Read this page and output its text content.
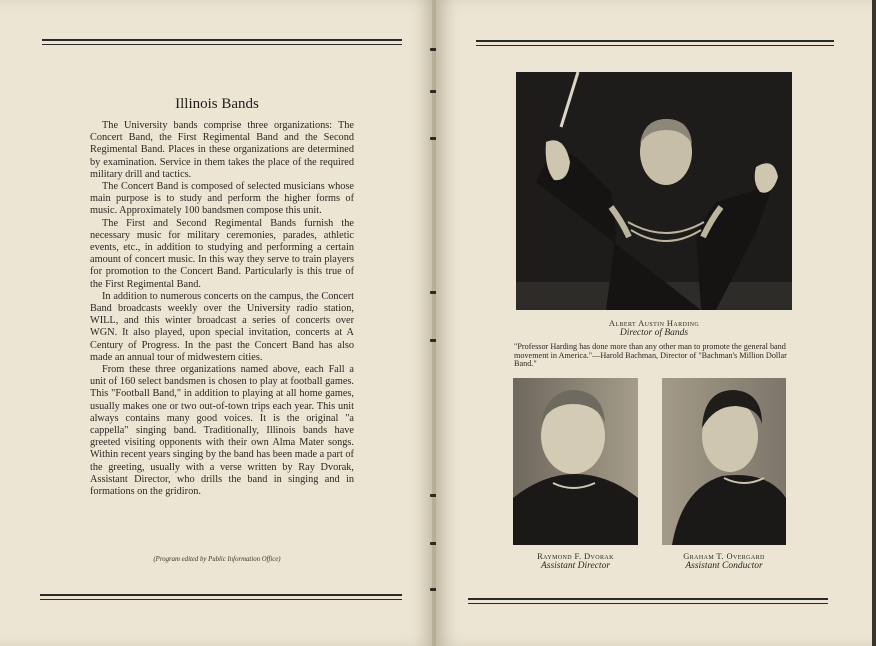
Illinois Bands

The University bands comprise three organizations: The Concert Band, the First Regimental Band and the Second Regimental Band. Places in these organizations are determined by examination. Service in them takes the place of the required military drill and tactics.

The Concert Band is composed of selected musicians whose main purpose is to study and perform the higher forms of music. Approximately 100 bandsmen compose this unit.

The First and Second Regimental Bands furnish the necessary music for military ceremonies, parades, athletic events, etc., in addition to studying and performing a certain amount of concert music. In this way they serve to train players for promotion to the Concert Band. Particularly is this true of the First Regimental Band.

In addition to numerous concerts on the campus, the Concert Band broadcasts weekly over the University radio station, WILL, and this winter broadcast a series of concerts over WGN. It also played, upon special invitation, concerts at A Century of Progress. In the past the Concert Band has also made an annual tour of midwestern cities.

From these three organizations named above, each Fall a unit of 160 select bandsmen is chosen to play at football games. This "Football Band," in addition to playing at all home games, usually makes one or two out-of-town trips each year. This unit always contains many good voices. It is the original "a cappella" singing band. Traditionally, Illinois bands have greeted visiting opponents with their own Alma Mater songs. Within recent years singing by the band has been made a part of the greeting, usually with a verse written by Ray Dvorak, Assistant Director, who drills the band in singing and in formations on the gridiron.

(Program edited by Public Information Office)
Albert Austin Harding
Director of Bands
"Professor Harding has done more than any other man to promote the general band movement in America."—Harold Bachman, Director of "Bachman's Million Dollar Band."
Raymond F. Dvorak
Assistant Director
Graham T. Overgard
Assistant Conductor
